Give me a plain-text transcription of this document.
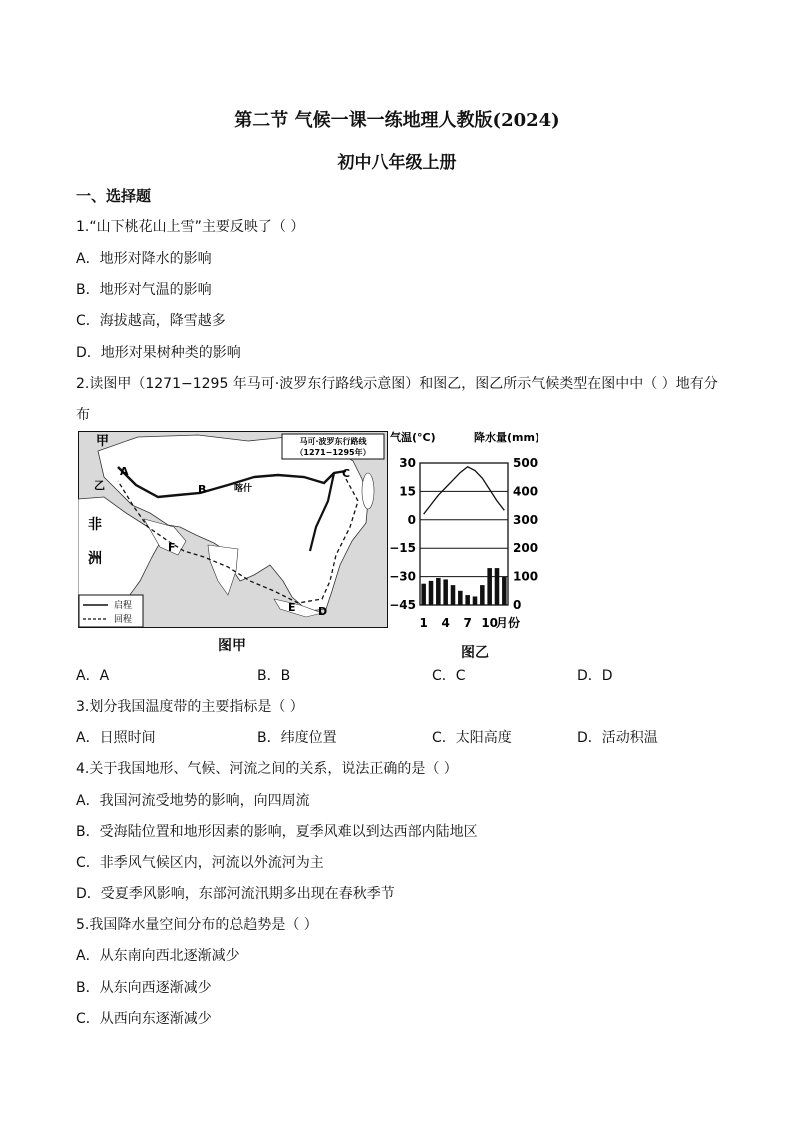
第二节 气候一课一练地理人教版(2024)
初中八年级上册
一、选择题
1.“山下桃花山上雪”主要反映了（ ）
A．地形对降水的影响
B．地形对气温的影响
C．海拔越高，降雪越多
D．地形对果树种类的影响
2.读图甲（1271−1295 年马可·波罗东行路线示意图）和图乙，图乙所示气候类型在图中中（ ）地有分
布
马可·波罗东行路线
（1271−1295年）
启程
回程
甲
非
洲
喀什
A
B
C
D
E
F
乙
图甲
气温(°C)	降水量(mm)
30
15
0
−15
−30
−45
500
400
300
200
100
0
1 4 7 10
月份
图乙
A．A	B．B	C．C	D．D
3.划分我国温度带的主要指标是（ ）
A．日照时间	B．纬度位置	C．太阳高度	D．活动积温
4.关于我国地形、气候、河流之间的关系，说法正确的是（ ）
A．我国河流受地势的影响，向四周流
B．受海陆位置和地形因素的影响，夏季风难以到达西部内陆地区
C．非季风气候区内，河流以外流河为主
D．受夏季风影响，东部河流汛期多出现在春秋季节
5.我国降水量空间分布的总趋势是（ ）
A．从东南向西北逐渐减少
B．从东向西逐渐减少
C．从西向东逐渐减少
